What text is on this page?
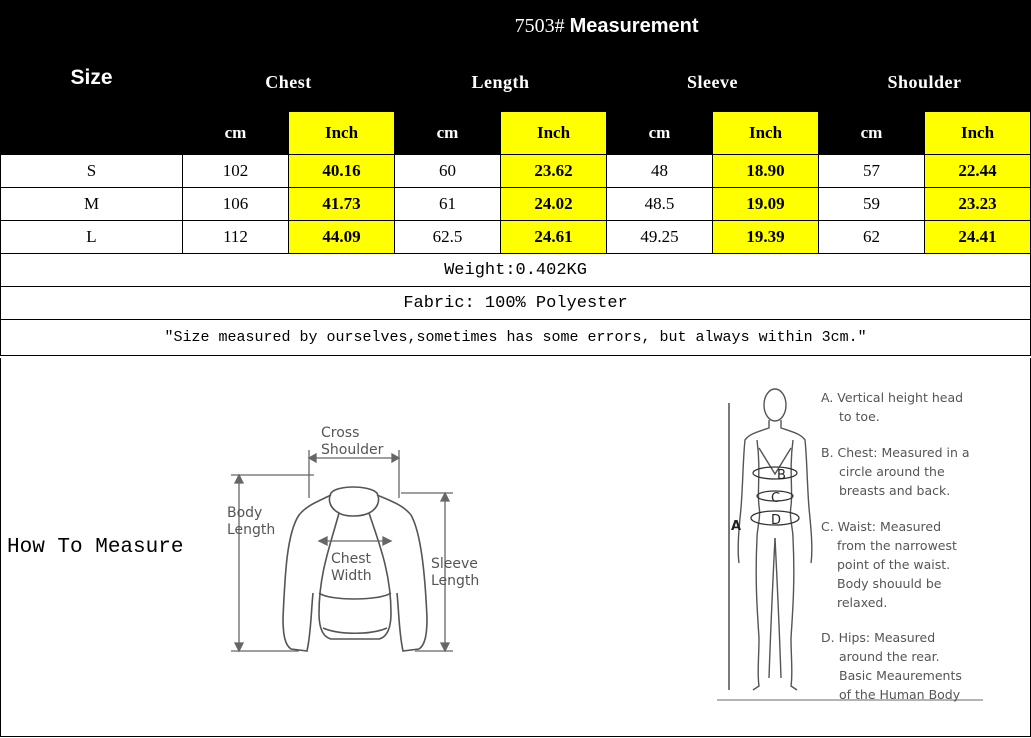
Size	7503# Measurement							
	Chest		Length		Sleeve		Shoulder	
	cm	Inch	cm	Inch	cm	Inch	cm	Inch
S	102	40.16	60	23.62	48	18.90	57	22.44
M	106	41.73	61	24.02	48.5	19.09	59	23.23
L	112	44.09	62.5	24.61	49.25	19.39	62	24.41
Weight:0.402KG								
Fabric: 100% Polyester								
"Size measured by ourselves,sometimes has some errors, but always within 3cm."								
How To Measure
Cross
Shoulder
Body
Length
Chest
Width
Sleeve
Length
B
C
D
A
A. Vertical height head
to toe.
B. Chest: Measured in a
circle around the
breasts and back.
C. Waist: Measured
from the narrowest
point of the waist.
Body shouuld be
relaxed.
D. Hips: Measured
around the rear.
Basic Meaurements
of the Human Body
